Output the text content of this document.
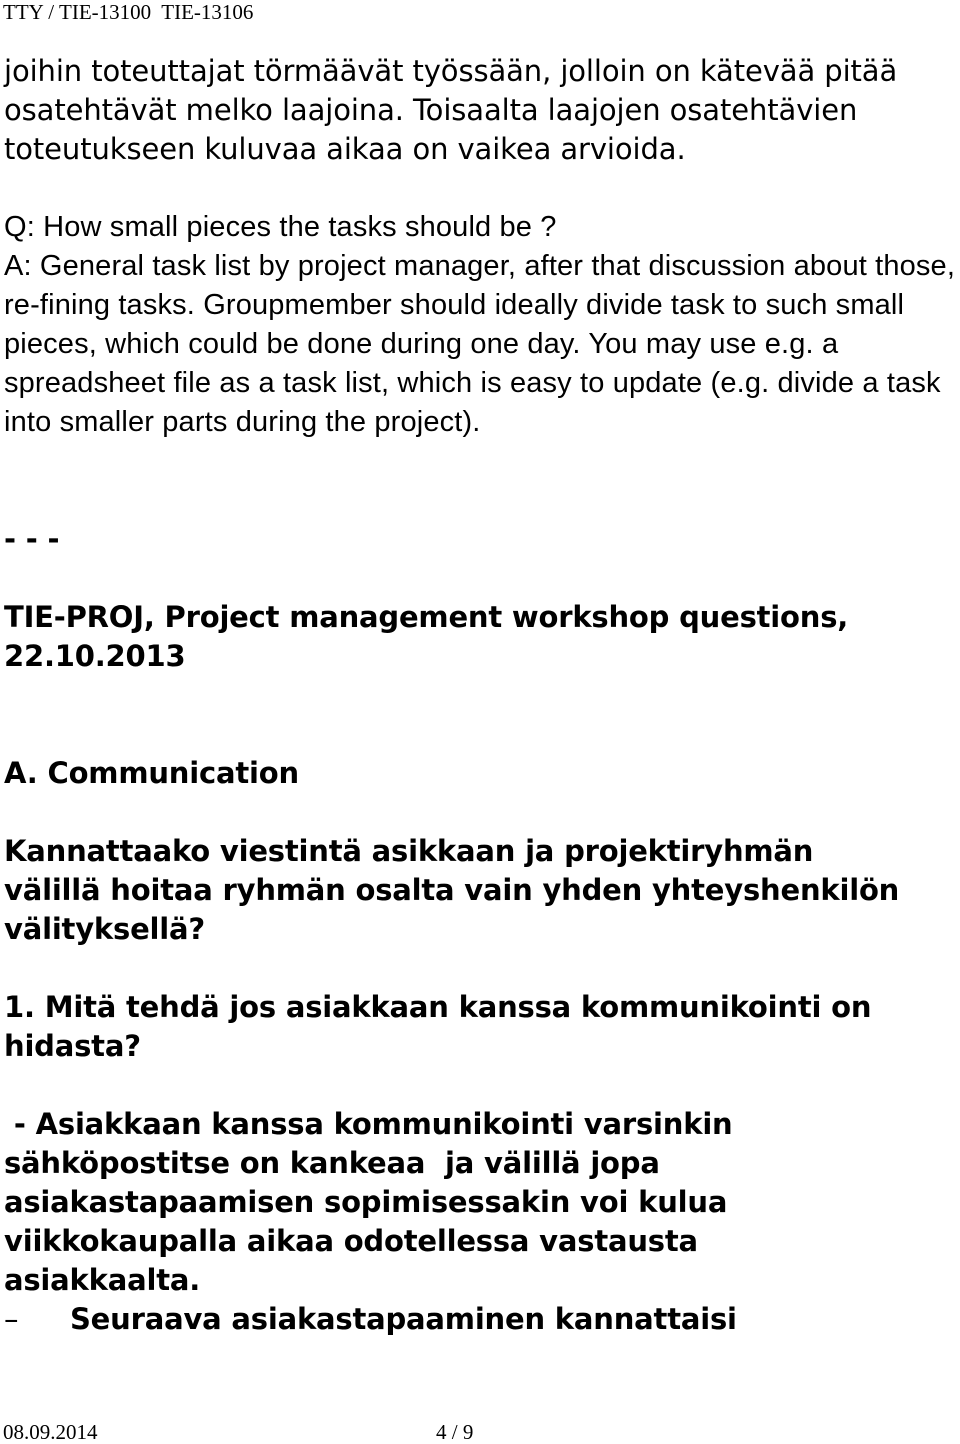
TTY / TIE-13100  TIE-13106

joihin toteuttajat törmäävät työssään, jolloin on kätevää pitää osatehtävät melko laajoina. Toisaalta laajojen osatehtävien toteutukseen kuluvaa aikaa on vaikea arvioida.

Q: How small pieces the tasks should be ?
A: General task list by project manager, after that discussion about those, re-fining tasks. Groupmember should ideally divide task to such small pieces, which could be done during one day. You may use e.g. a spreadsheet file as a task list, which is easy to update (e.g. divide a task into smaller parts during the project).

- - -

TIE-PROJ, Project management workshop questions, 22.10.2013

A. Communication

Kannattaako viestintä asikkaan ja projektiryhmän välillä hoitaa ryhmän osalta vain yhden yhteyshenkilön välityksellä?

1. Mitä tehdä jos asiakkaan kanssa kommunikointi on hidasta?

- Asiakkaan kanssa kommunikointi varsinkin sähköpostitse on kankeaa  ja välillä jopa asiakastapaamisen sopimisessakin voi kulua viikkokaupalla aikaa odotellessa vastausta asiakkaalta.

– Seuraava asiakastapaaminen kannattaisi

08.09.2014	4 / 9
